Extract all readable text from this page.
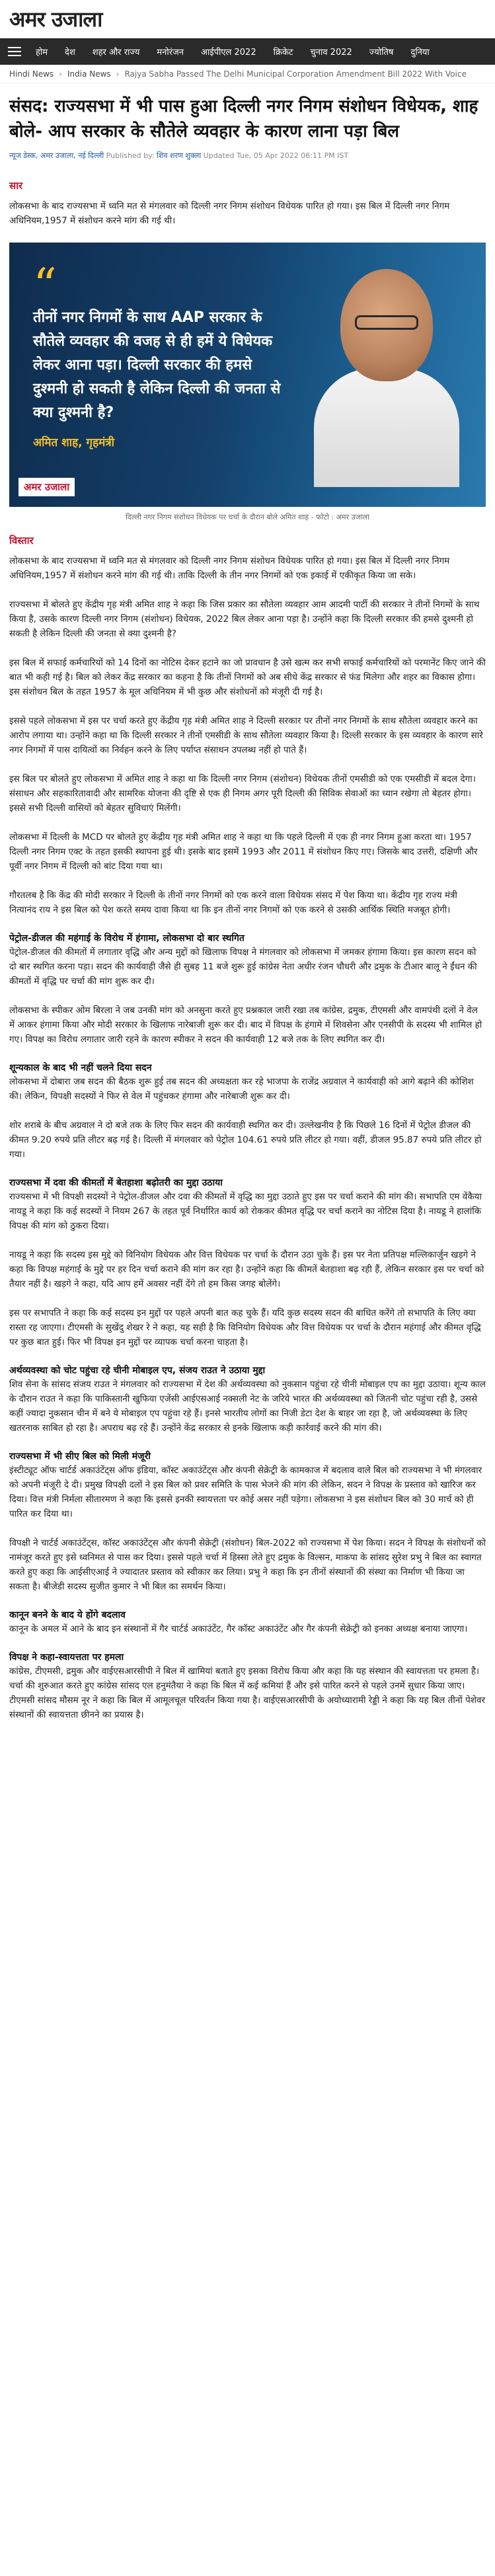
अमर उजाला
होम देश शहर और राज्य मनोरंजन आईपीएल 2022 क्रिकेट चुनाव 2022 ज्योतिष दुनिया
Hindi News › India News › Rajya Sabha Passed The Delhi Municipal Corporation Amendment Bill 2022 With Voice
संसद: राज्यसभा में भी पास हुआ दिल्ली नगर निगम संशोधन विधेयक, शाह बोले- आप सरकार के सौतेले व्यवहार के कारण लाना पड़ा बिल
न्यूज डेस्क, अमर उजाला, नई दिल्ली Published by: शिव शरण शुक्ला Updated Tue, 05 Apr 2022 06:11 PM IST
सार

लोकसभा के बाद राज्यसभा में ध्वनि मत से मंगलवार को दिल्ली नगर निगम संशोधन विधेयक पारित हो गया। इस बिल में दिल्ली नगर निगम अधिनियम,1957 में संशोधन करने मांग की गई थी।

“
तीनों नगर निगमों के साथ AAP सरकार के सौतेले व्यवहार की वजह से ही हमें ये विधेयक लेकर आना पड़ा। दिल्ली सरकार की हमसे दुश्मनी हो सकती है लेकिन दिल्ली की जनता से क्या दुश्मनी है?
अमित शाह, गृहमंत्री
अमर उजाला
दिल्ली नगर निगम संशोधन विधेयक पर चर्चा के दौरान बोले अमित शाह - फोटो : अमर उजाला
विस्तार

लोकसभा के बाद राज्यसभा में ध्वनि मत से मंगलवार को दिल्ली नगर निगम संशोधन विधेयक पारित हो गया। इस बिल में दिल्ली नगर निगम अधिनियम,1957 में संशोधन करने मांग की गई थी। ताकि दिल्ली के तीन नगर निगमों को एक इकाई में एकीकृत किया जा सके।

राज्यसभा में बोलते हुए केंद्रीय गृह मंत्री अमित शाह ने कहा कि जिस प्रकार का सौतेला व्यवहार आम आदमी पार्टी की सरकार ने तीनों निगमों के साथ किया है, उसके कारण दिल्ली नगर निगम (संशोधन) विधेयक, 2022 बिल लेकर आना पड़ा है। उन्होंने कहा कि दिल्ली सरकार की हमसे दुश्मनी हो सकती है लेकिन दिल्ली की जनता से क्या दुश्मनी है?

इस बिल में सफाई कर्मचारियों को 14 दिनों का नोटिस देकर हटाने का जो प्रावधान है उसे खत्म कर सभी सफाई कर्मचारियों को परमानेंट किए जाने की बात भी कही गई है। बिल को लेकर केंद्र सरकार का कहना है कि तीनों निगमों को अब सीधे केंद्र सरकार से फंड मिलेगा और शहर का विकास होगा। इस संशोधन बिल के तहत 1957 के मूल अधिनियम में भी कुछ और संशोधनों को मंजूरी दी गई है।

इससे पहले लोकसभा में इस पर चर्चा करते हुए केंद्रीय गृह मंत्री अमित शाह ने दिल्ली सरकार पर तीनों नगर निगमों के साथ सौतेला व्यवहार करने का आरोप लगाया था। उन्होंने कहा था कि दिल्ली सरकार ने तीनों एमसीडी के साथ सौतेला व्यवहार किया है। दिल्ली सरकार के इस व्यवहार के कारण सारे नगर निगमों में पास दायित्वों का निर्वहन करने के लिए पर्याप्त संसाधन उपलब्ध नहीं हो पाते हैं।

इस बिल पर बोलते हुए लोकसभा में अमित शाह ने कहा था कि दिल्ली नगर निगम (संशोधन) विधेयक तीनों एमसीडी को एक एमसीडी में बदल देगा। संसाधन और सहकारितावादी और सामरिक योजना की दृष्टि से एक ही निगम अगर पूरी दिल्ली की सिविक सेवाओं का ध्यान रखेगा तो बेहतर होगा। इससे सभी दिल्ली वासियों को बेहतर सुविधाएं मिलेंगी।

लोकसभा में दिल्ली के MCD पर बोलते हुए केंद्रीय गृह मंत्री अमित शाह ने कहा था कि पहले दिल्ली में एक ही नगर निगम हुआ करता था। 1957 दिल्ली नगर निगम एक्ट के तहत इसकी स्थापना हुई थी। इसके बाद इसमें 1993 और 2011 में संशोधन किए गए। जिसके बाद उत्तरी, दक्षिणी और पूर्वी नगर निगम में दिल्ली को बांट दिया गया था।

गौरतलब है कि केंद्र की मोदी सरकार ने दिल्ली के तीनों नगर निगमों को एक करने वाला विधेयक संसद में पेश किया था। केंद्रीय गृह राज्य मंत्री नित्यानंद राय ने इस बिल को पेश करते समय दावा किया था कि इन तीनों नगर निगमों को एक करने से उसकी आर्थिक स्थिति मजबूत होगी।

पेट्रोल-डीजल की महंगाई के विरोध में हंगामा, लोकसभा दो बार स्थगित

पेट्रोल-डीजल की कीमतों में लगातार वृद्धि और अन्य मुद्दों को खिलाफ विपक्ष ने मंगलवार को लोकसभा में जमकर हंगामा किया। इस कारण सदन को दो बार स्थगित करना पड़ा। सदन की कार्यवाही जैसे ही सुबह 11 बजे शुरू हुई कांग्रेस नेता अधीर रंजन चौधरी और द्रमुक के टीआर बालू ने ईंधन की कीमतों में वृद्धि पर चर्चा की मांग शुरू कर दी।

लोकसभा के स्पीकर ओम बिरला ने जब उनकी मांग को अनसुना करते हुए प्रश्नकाल जारी रखा तब कांग्रेस, द्रमुक, टीएमसी और वामपंथी दलों ने वेल में आकर हंगामा किया और मोदी सरकार के खिलाफ नारेबाजी शुरू कर दी। बाद में विपक्ष के हंगामे में शिवसेना और एनसीपी के सदस्य भी शामिल हो गए। विपक्ष का विरोध लगातार जारी रहने के कारण स्पीकर ने सदन की कार्यवाही 12 बजे तक के लिए स्थगित कर दी।

शून्यकाल के बाद भी नहीं चलने दिया सदन

लोकसभा में दोबारा जब सदन की बैठक शुरू हुई तब सदन की अध्यक्षता कर रहे भाजपा के राजेंद्र अग्रवाल ने कार्यवाही को आगे बढ़ाने की कोशिश की। लेकिन, विपक्षी सदस्यों ने फिर से वेल में पहुंचकर हंगामा और नारेबाजी शुरू कर दी।

शोर शराबे के बीच अग्रवाल ने दो बजे तक के लिए फिर सदन की कार्यवाही स्थगित कर दी। उल्लेखनीय है कि पिछले 16 दिनों में पेट्रोल डीजल की कीमत 9.20 रुपये प्रति लीटर बढ़ गई है। दिल्ली में मंगलवार को पेट्रोल 104.61 रुपये प्रति लीटर हो गया। वहीं, डीजल 95.87 रुपये प्रति लीटर हो गया।

राज्यसभा में दवा की कीमतों में बेतहाशा बढ़ोतरी का मुद्दा उठाया

राज्यसभा में भी विपक्षी सदस्यों ने पेट्रोल-डीजल और दवा की कीमतों में वृद्धि का मुद्दा उठाते हुए इस पर चर्चा कराने की मांग की। सभापति एम वेंकैया नायडू ने कहा कि कई सदस्यों ने नियम 267 के तहत पूर्व निर्धारित कार्य को रोककर कीमत वृद्धि पर चर्चा कराने का नोटिस दिया है। नायडू ने हालांकि विपक्ष की मांग को ठुकरा दिया।

नायडू ने कहा कि सदस्य इस मुद्दे को विनियोग विधेयक और वित्त विधेयक पर चर्चा के दौरान उठा चुके हैं। इस पर नेता प्रतिपक्ष मल्लिकार्जुन खड़गे ने कहा कि विपक्ष महंगाई के मुद्दे पर हर दिन चर्चा कराने की मांग कर रहा है। उन्होंने कहा कि कीमतें बेतहाशा बढ़ रही हैं, लेकिन सरकार इस पर चर्चा को तैयार नहीं है। खड़गे ने कहा, यदि आप हमें अवसर नहीं देंगे तो हम किस जगह बोलेंगे।

इस पर सभापति ने कहा कि कई सदस्य इन मुद्दों पर पहले अपनी बात कह चुके हैं। यदि कुछ सदस्य सदन की बाधित करेंगे तो सभापति के लिए क्या रास्ता रह जाएगा। टीएमसी के सुखेंदु शेखर रे ने कहा, यह सही है कि विनियोग विधेयक और वित्त विधेयक पर चर्चा के दौरान महंगाई और कीमत वृद्धि पर कुछ बात हुई। फिर भी विपक्ष इन मुद्दों पर व्यापक चर्चा करना चाहता है।

अर्थव्यवस्था को चोट पहुंचा रहे चीनी मोबाइल एप, संजय राउत ने उठाया मुद्दा

शिव सेना के सांसद संजय राउत ने मंगलवार को राज्यसभा में देश की अर्थव्यवस्था को नुकसान पहुंचा रहे चीनी मोबाइल एप का मुद्दा उठाया। शून्य काल के दौरान राउत ने कहा कि पाकिस्तानी खुफिया एजेंसी आईएसआई नक्सली नेट के जरिये भारत की अर्थव्यवस्था को जितनी चोट पहुंचा रही है, उससे कहीं ज्यादा नुकसान चीन में बने ये मोबाइल एप पहुंचा रहे हैं। इनसे भारतीय लोगों का निजी डेटा देश के बाहर जा रहा है, जो अर्थव्यवस्था के लिए खतरनाक साबित हो रहा है। अपराध बढ़ रहे हैं। उन्होंने केंद्र सरकार से इनके खिलाफ कड़ी कार्रवाई करने की मांग की।

राज्यसभा में भी सीए बिल को मिली मंजूरी

इंस्टीट्यूट ऑफ चार्टर्ड अकाउंटेंट्स ऑफ इंडिया, कॉस्ट अकाउंटेंट्स और कंपनी सेक्रेट्री के कामकाज में बदलाव वाले बिल को राज्यसभा ने भी मंगलवार को अपनी मंजूरी दे दी। प्रमुख विपक्षी दलों ने इस बिल को प्रवर समिति के पास भेजने की मांग की लेकिन, सदन ने विपक्ष के प्रस्ताव को खारिज कर दिया। वित्त मंत्री निर्मला सीतारमण ने कहा कि इससे इनकी स्वायत्तता पर कोई असर नहीं पड़ेगा। लोकसभा ने इस संशोधन बिल को 30 मार्च को ही पारित कर दिया था।

विपक्षी ने चार्टर्ड अकाउंटेंट्स, कॉस्ट अकाउंटेंट्स और कंपनी सेक्रेट्री (संशोधन) बिल-2022 को राज्यसभा में पेश किया। सदन ने विपक्ष के संशोधनों को नामंजूर करते हुए इसे ध्वनिमत से पास कर दिया। इससे पहले चर्चा में हिस्सा लेते हुए द्रमुक के विल्सन, माकपा के सांसद सुरेश प्रभु ने बिल का स्वागत करते हुए कहा कि आईसीएआई ने ज्यादातर प्रस्ताव को स्वीकार कर लिया। प्रभु ने कहा कि इन तीनों संस्थानों की संस्था का निर्माण भी किया जा सकता है। बीजेडी सदस्य सुजीत कुमार ने भी बिल का समर्थन किया।

कानून बनने के बाद ये होंगे बदलाव

कानून के अमल में आने के बाद इन संस्थानों में गैर चार्टर्ड अकाउंटेंट, गैर कॉस्ट अकाउंटेंट और गैर कंपनी सेक्रेट्री को इनका अध्यक्ष बनाया जाएगा।

विपक्ष ने कहा-स्वायत्तता पर हमला

कांग्रेस, टीएमसी, द्रमुक और वाईएसआरसीपी ने बिल में खामियां बताते हुए इसका विरोध किया और कहा कि यह संस्थान की स्वायत्तता पर हमला है। चर्चा की शुरुआत करते हुए कांग्रेस सांसद एल हनुमंतैया ने कहा कि बिल में कई कमियां हैं और इसे पारित करने से पहले उनमें सुधार किया जाए। टीएमसी सांसद मौसम नूर ने कहा कि बिल में आमूलचूल परिवर्तन किया गया है। वाईएसआरसीपी के अयोध्यारामी रेड्डी ने कहा कि यह बिल तीनों पेशेवर संस्थानों की स्वायत्तता छीनने का प्रयास है।
